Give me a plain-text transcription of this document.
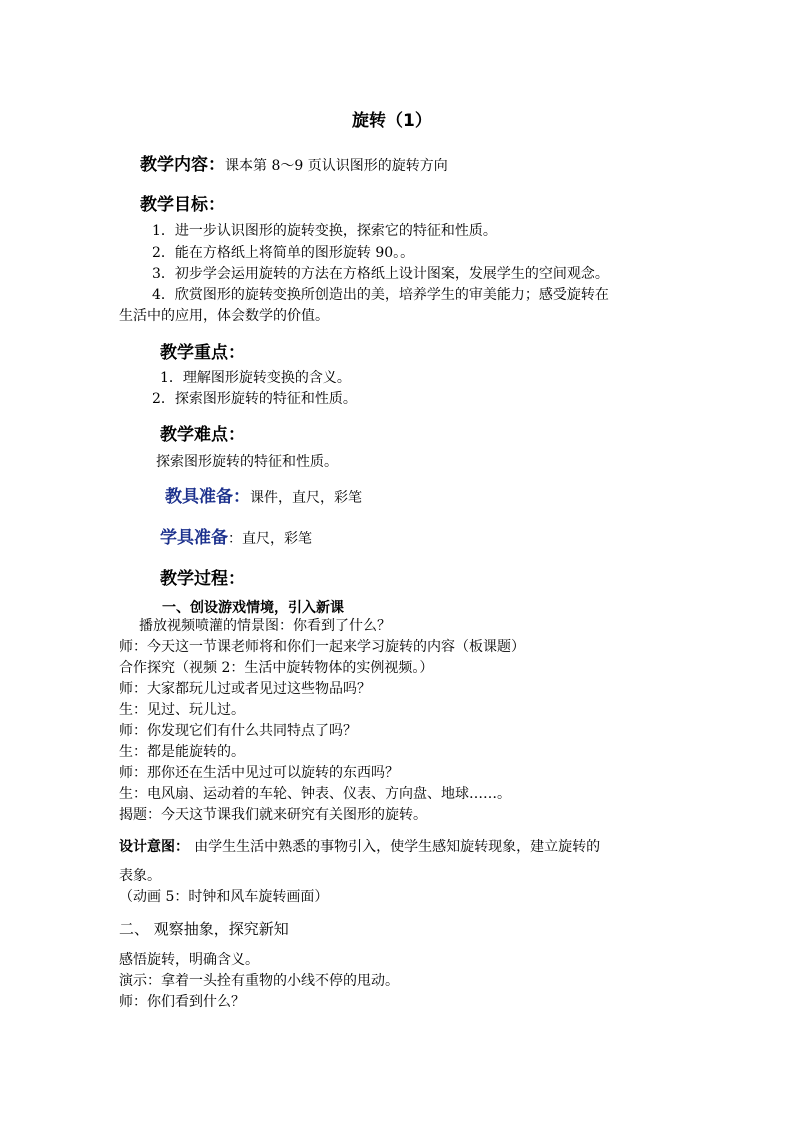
旋转（1）
教学内容：课本第 8～9 页认识图形的旋转方向
教学目标：
1．进一步认识图形的旋转变换，探索它的特征和性质。
2．能在方格纸上将简单的图形旋转 90。。
3．初步学会运用旋转的方法在方格纸上设计图案，发展学生的空间观念。
4．欣赏图形的旋转变换所创造出的美，培养学生的审美能力；感受旋转在
生活中的应用，体会数学的价值。
教学重点：
1．理解图形旋转变换的含义。
2．探索图形旋转的特征和性质。
教学难点：
探索图形旋转的特征和性质。
教具准备：课件，直尺，彩笔
学具准备：直尺，彩笔
教学过程：
一、创设游戏情境，引入新课
播放视频喷灌的情景图：你看到了什么？
师：今天这一节课老师将和你们一起来学习旋转的内容（板课题）
合作探究（视频 2：生活中旋转物体的实例视频。）
师：大家都玩儿过或者见过这些物品吗？
生：见过、玩儿过。
师：你发现它们有什么共同特点了吗？
生：都是能旋转的。
师：那你还在生活中见过可以旋转的东西吗？
生：电风扇、运动着的车轮、钟表、仪表、方向盘、地球……。
揭题：今天这节课我们就来研究有关图形的旋转。
设计意图： 由学生生活中熟悉的事物引入，使学生感知旋转现象，建立旋转的
表象。
（动画 5：时钟和风车旋转画面）
二、 观察抽象，探究新知
感悟旋转，明确含义。
演示：拿着一头拴有重物的小线不停的甩动。
师：你们看到什么？
